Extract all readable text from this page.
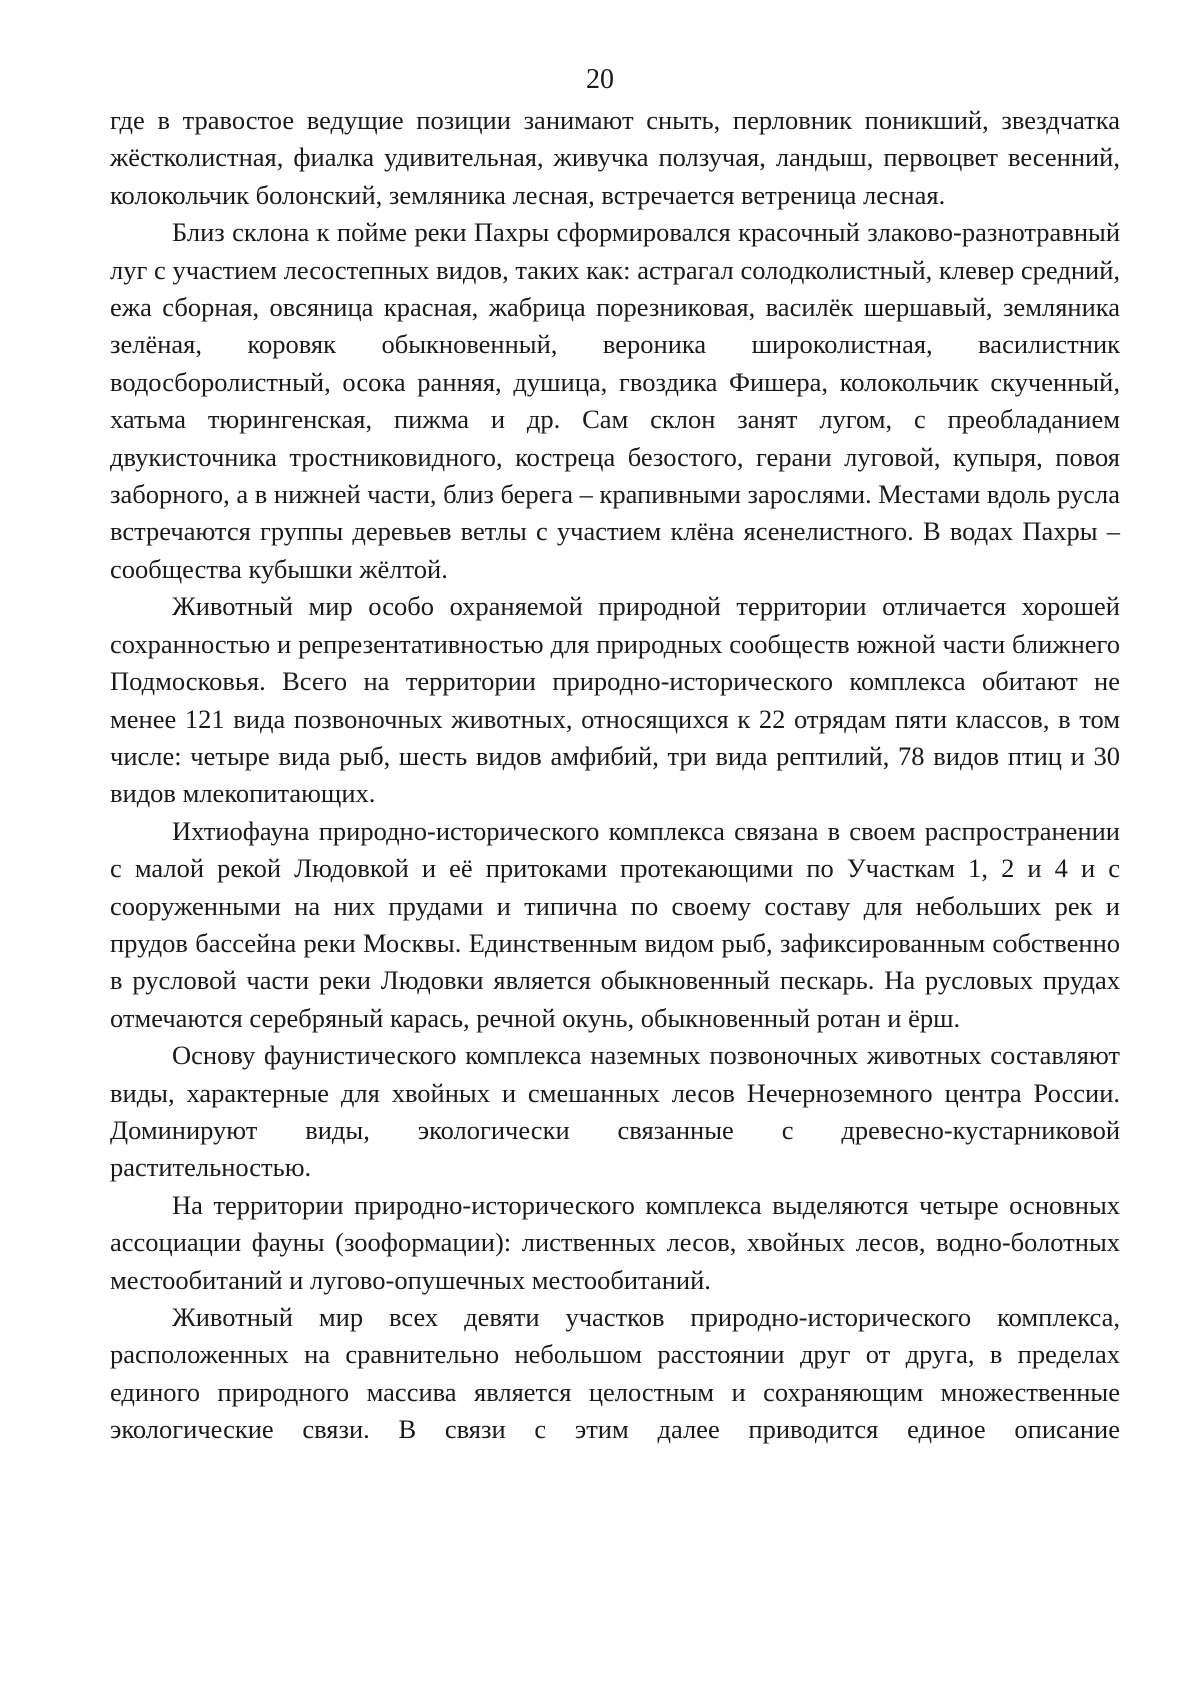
20

где в травостое ведущие позиции занимают сныть, перловник поникший, звездчатка жёстколистная, фиалка удивительная, живучка ползучая, ландыш, первоцвет весенний, колокольчик болонский, земляника лесная, встречается ветреница лесная.

Близ склона к пойме реки Пахры сформировался красочный злаково-разнотравный луг с участием лесостепных видов, таких как: астрагал солодколистный, клевер средний, ежа сборная, овсяница красная, жабрица порезниковая, василёк шершавый, земляника зелёная, коровяк обыкновенный, вероника широколистная, василистник водосборолистный, осока ранняя, душица, гвоздика Фишера, колокольчик скученный, хатьма тюрингенская, пижма и др. Сам склон занят лугом, с преобладанием двукисточника тростниковидного, костреца безостого, герани луговой, купыря, повоя заборного, а в нижней части, близ берега – крапивными зарослями. Местами вдоль русла встречаются группы деревьев ветлы с участием клёна ясенелистного. В водах Пахры – сообщества кубышки жёлтой.

Животный мир особо охраняемой природной территории отличается хорошей сохранностью и репрезентативностью для природных сообществ южной части ближнего Подмосковья. Всего на территории природно-исторического комплекса обитают не менее 121 вида позвоночных животных, относящихся к 22 отрядам пяти классов, в том числе: четыре вида рыб, шесть видов амфибий, три вида рептилий, 78 видов птиц и 30 видов млекопитающих.

Ихтиофауна природно-исторического комплекса связана в своем распространении с малой рекой Людовкой и её притоками протекающими по Участкам 1, 2 и 4 и с сооруженными на них прудами и типична по своему составу для небольших рек и прудов бассейна реки Москвы. Единственным видом рыб, зафиксированным собственно в русловой части реки Людовки является обыкновенный пескарь. На русловых прудах отмечаются серебряный карась, речной окунь, обыкновенный ротан и ёрш.

Основу фаунистического комплекса наземных позвоночных животных составляют виды, характерные для хвойных и смешанных лесов Нечерноземного центра России. Доминируют виды, экологически связанные с древесно-кустарниковой растительностью.

На территории природно-исторического комплекса выделяются четыре основных ассоциации фауны (зооформации): лиственных лесов, хвойных лесов, водно-болотных местообитаний и лугово-опушечных местообитаний.

Животный мир всех девяти участков природно-исторического комплекса, расположенных на сравнительно небольшом расстоянии друг от друга, в пределах единого природного массива является целостным и сохраняющим множественные экологические связи. В связи с этим далее приводится единое описание
